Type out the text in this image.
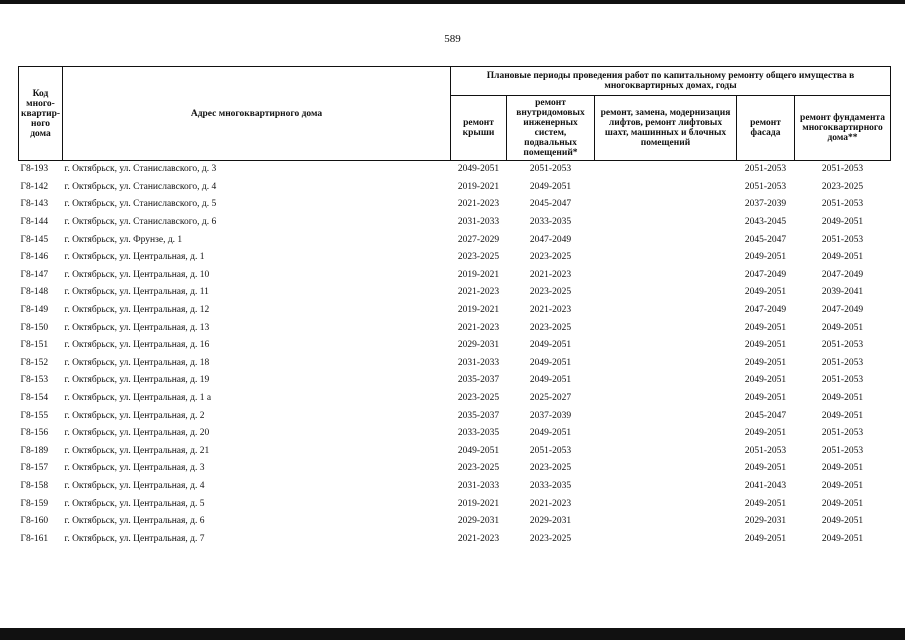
589
Код много-квартир-ного дома	Адрес многоквартирного дома	Плановые периоды проведения работ по капитальному ремонту общего имущества в многоквартирных домах, годы				
		ремонт крыши	ремонт внутридомовых инженерных систем, подвальных помещений*	ремонт, замена, модернизация лифтов, ремонт лифтовых шахт, машинных и блочных помещений	ремонт фасада	ремонт фундамента многоквартирного дома**
Г8-193	г. Октябрьск, ул. Станиславского, д. 3	2049-2051	2051-2053		2051-2053	2051-2053
Г8-142	г. Октябрьск, ул. Станиславского, д. 4	2019-2021	2049-2051		2051-2053	2023-2025
Г8-143	г. Октябрьск, ул. Станиславского, д. 5	2021-2023	2045-2047		2037-2039	2051-2053
Г8-144	г. Октябрьск, ул. Станиславского, д. 6	2031-2033	2033-2035		2043-2045	2049-2051
Г8-145	г. Октябрьск, ул. Фрунзе, д. 1	2027-2029	2047-2049		2045-2047	2051-2053
Г8-146	г. Октябрьск, ул. Центральная, д. 1	2023-2025	2023-2025		2049-2051	2049-2051
Г8-147	г. Октябрьск, ул. Центральная, д. 10	2019-2021	2021-2023		2047-2049	2047-2049
Г8-148	г. Октябрьск, ул. Центральная, д. 11	2021-2023	2023-2025		2049-2051	2039-2041
Г8-149	г. Октябрьск, ул. Центральная, д. 12	2019-2021	2021-2023		2047-2049	2047-2049
Г8-150	г. Октябрьск, ул. Центральная, д. 13	2021-2023	2023-2025		2049-2051	2049-2051
Г8-151	г. Октябрьск, ул. Центральная, д. 16	2029-2031	2049-2051		2049-2051	2051-2053
Г8-152	г. Октябрьск, ул. Центральная, д. 18	2031-2033	2049-2051		2049-2051	2051-2053
Г8-153	г. Октябрьск, ул. Центральная, д. 19	2035-2037	2049-2051		2049-2051	2051-2053
Г8-154	г. Октябрьск, ул. Центральная, д. 1 а	2023-2025	2025-2027		2049-2051	2049-2051
Г8-155	г. Октябрьск, ул. Центральная, д. 2	2035-2037	2037-2039		2045-2047	2049-2051
Г8-156	г. Октябрьск, ул. Центральная, д. 20	2033-2035	2049-2051		2049-2051	2051-2053
Г8-189	г. Октябрьск, ул. Центральная, д. 21	2049-2051	2051-2053		2051-2053	2051-2053
Г8-157	г. Октябрьск, ул. Центральная, д. 3	2023-2025	2023-2025		2049-2051	2049-2051
Г8-158	г. Октябрьск, ул. Центральная, д. 4	2031-2033	2033-2035		2041-2043	2049-2051
Г8-159	г. Октябрьск, ул. Центральная, д. 5	2019-2021	2021-2023		2049-2051	2049-2051
Г8-160	г. Октябрьск, ул. Центральная, д. 6	2029-2031	2029-2031		2029-2031	2049-2051
Г8-161	г. Октябрьск, ул. Центральная, д. 7	2021-2023	2023-2025		2049-2051	2049-2051
